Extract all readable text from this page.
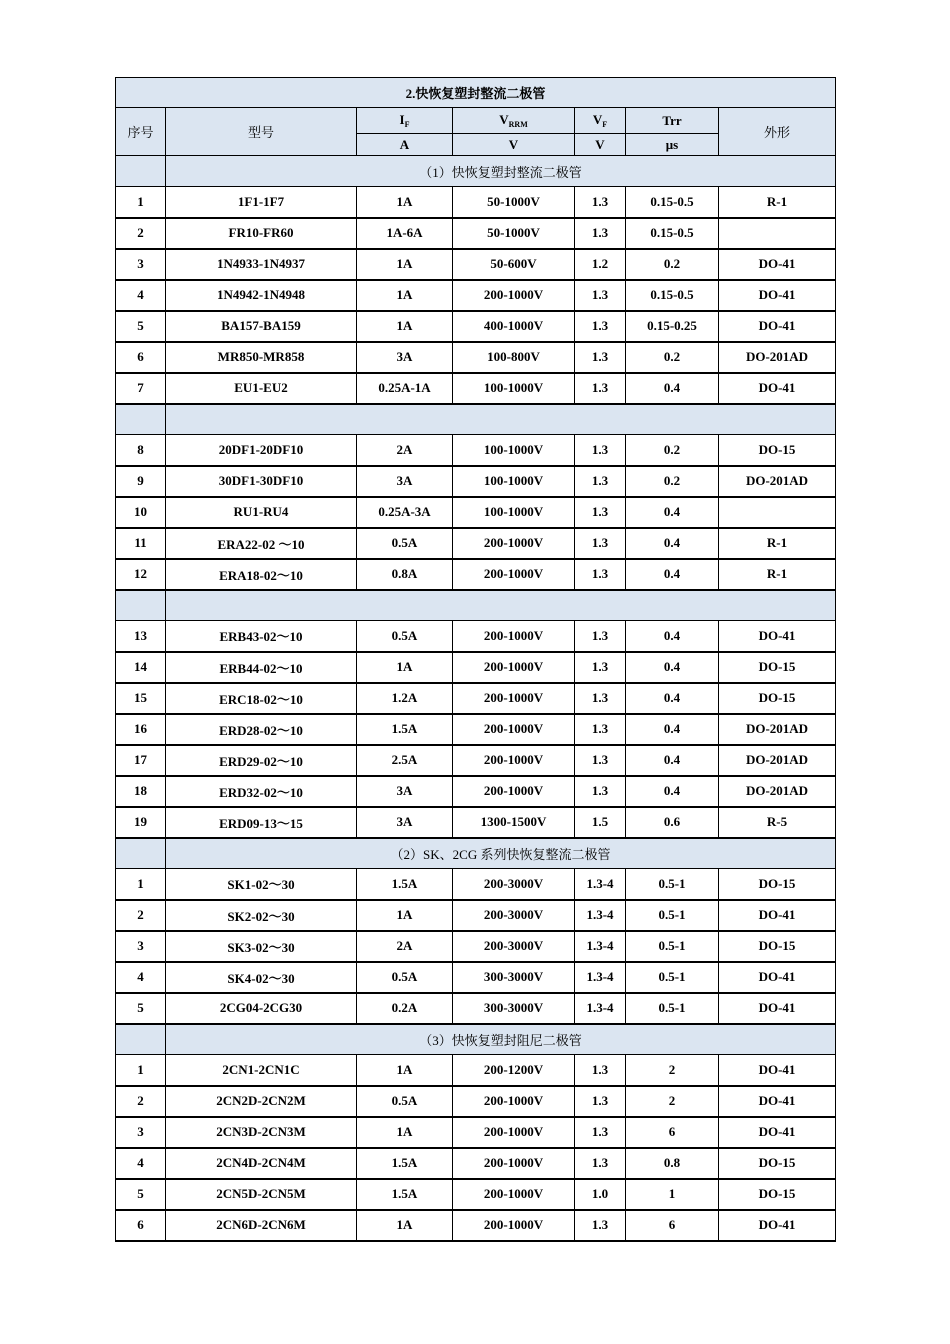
2.快恢复塑封整流二极管						
序号	型号	$I_F$	$V_{RRM}$	$V_F$	Trr	外形
		A	V	V	μs	
	（1）快恢复塑封整流二极管					
1	1F1-1F7	1A	50-1000V	1.3	0.15-0.5	R-1
2	FR10-FR60	1A-6A	50-1000V	1.3	0.15-0.5	
3	1N4933-1N4937	1A	50-600V	1.2	0.2	DO-41
4	1N4942-1N4948	1A	200-1000V	1.3	0.15-0.5	DO-41
5	BA157-BA159	1A	400-1000V	1.3	0.15-0.25	DO-41
6	MR850-MR858	3A	100-800V	1.3	0.2	DO-201AD
7	EU1-EU2	0.25A-1A	100-1000V	1.3	0.4	DO-41

8	20DF1-20DF10	2A	100-1000V	1.3	0.2	DO-15
9	30DF1-30DF10	3A	100-1000V	1.3	0.2	DO-201AD
10	RU1-RU4	0.25A-3A	100-1000V	1.3	0.4	
11	ERA22-02 ～10	0.5A	200-1000V	1.3	0.4	R-1
12	ERA18-02～10	0.8A	200-1000V	1.3	0.4	R-1

13	ERB43-02～10	0.5A	200-1000V	1.3	0.4	DO-41
14	ERB44-02～10	1A	200-1000V	1.3	0.4	DO-15
15	ERC18-02～10	1.2A	200-1000V	1.3	0.4	DO-15
16	ERD28-02～10	1.5A	200-1000V	1.3	0.4	DO-201AD
17	ERD29-02～10	2.5A	200-1000V	1.3	0.4	DO-201AD
18	ERD32-02～10	3A	200-1000V	1.3	0.4	DO-201AD
19	ERD09-13～15	3A	1300-1500V	1.5	0.6	R-5
	（2）SK、2CG 系列快恢复整流二极管					
1	SK1-02～30	1.5A	200-3000V	1.3-4	0.5-1	DO-15
2	SK2-02～30	1A	200-3000V	1.3-4	0.5-1	DO-41
3	SK3-02～30	2A	200-3000V	1.3-4	0.5-1	DO-15
4	SK4-02～30	0.5A	300-3000V	1.3-4	0.5-1	DO-41
5	2CG04-2CG30	0.2A	300-3000V	1.3-4	0.5-1	DO-41
	（3）快恢复塑封阻尼二极管					
1	2CN1-2CN1C	1A	200-1200V	1.3	2	DO-41
2	2CN2D-2CN2M	0.5A	200-1000V	1.3	2	DO-41
3	2CN3D-2CN3M	1A	200-1000V	1.3	6	DO-41
4	2CN4D-2CN4M	1.5A	200-1000V	1.3	0.8	DO-15
5	2CN5D-2CN5M	1.5A	200-1000V	1.0	1	DO-15
6	2CN6D-2CN6M	1A	200-1000V	1.3	6	DO-41
